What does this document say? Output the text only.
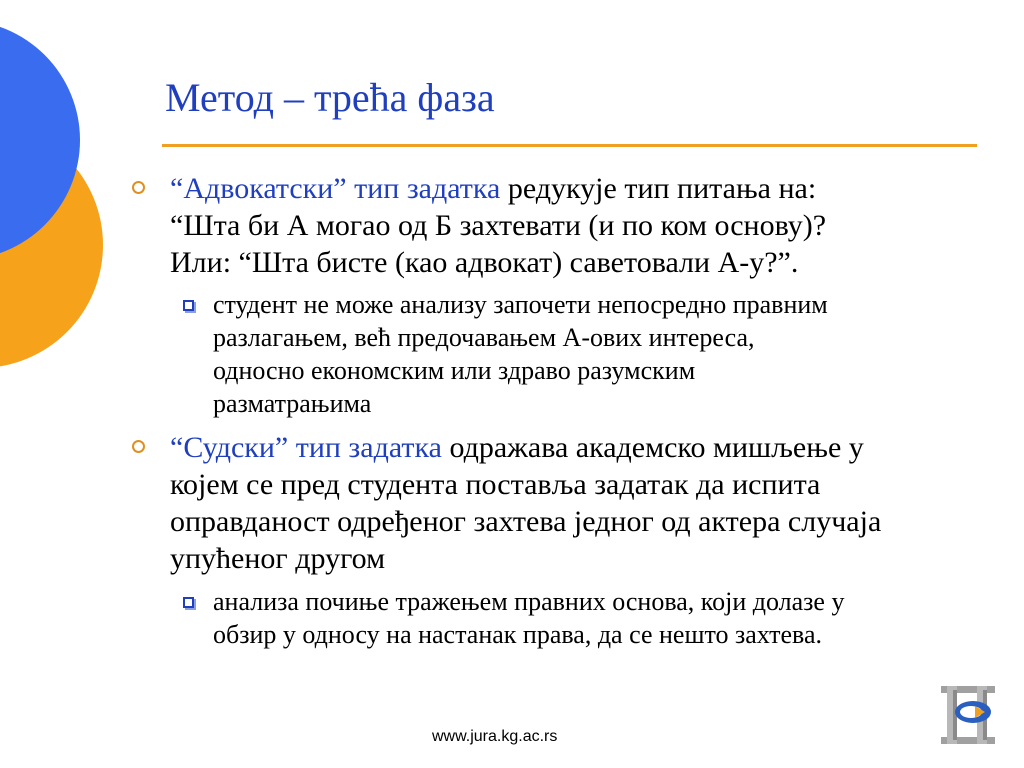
Метод – трећа фаза
“Адвокатски” тип задатка редукује тип питања на:
“Шта би А могао од Б захтевати (и по ком основу)?
Или: “Шта бисте (као адвокат) саветовали А-у?”.
студент не може анализу започети непосредно правним
разлагањем, већ предочавањем А-ових интереса,
односно економским или здраво разумским
разматрањима
“Судски” тип задатка одражава академско мишљење у
којем се пред студента поставља задатак да испита
оправданост одређеног захтева једног од актера случаја
упућеног другом
анализа почиње тражењем правних основа, који долазе у
обзир у односу на настанак права, да се нешто захтева.
www.jura.kg.ac.rs
